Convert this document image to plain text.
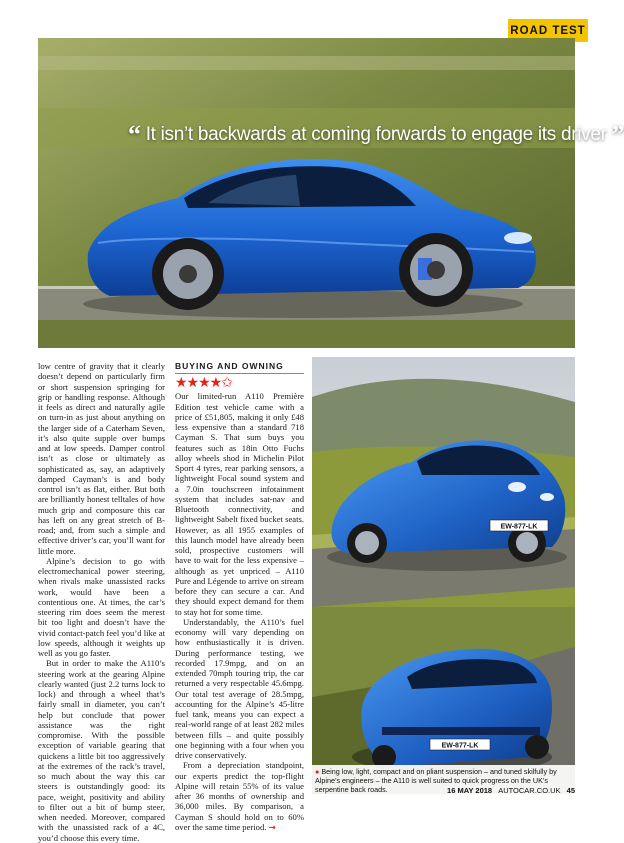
ROAD TEST
“ It isn’t backwards at coming forwards to engage its driver ”

low centre of gravity that it clearly doesn’t depend on particularly firm or short suspension springing for grip or handling response. Although it feels as direct and naturally agile on turn-in as just about anything on the larger side of a Caterham Seven, it’s also quite supple over bumps and at low speeds. Damper control isn’t as close or ultimately as sophisticated as, say, an adaptively damped Cayman’s is and body control isn’t as flat, either. But both are brilliantly honest telltales of how much grip and composure this car has left on any great stretch of B-road; and, from such a simple and effective driver’s car, you’ll want for little more.

Alpine’s decision to go with electromechanical power steering, when rivals make unassisted racks work, would have been a contentious one. At times, the car’s steering rim does seem the merest bit too light and doesn’t have the vivid contact-patch feel you’d like at low speeds, although it weights up well as you go faster.

But in order to make the A110’s steering work at the gearing Alpine clearly wanted (just 2.2 turns lock to lock) and through a wheel that’s fairly small in diameter, you can’t help but conclude that power assistance was the right compromise. With the possible exception of variable gearing that quickens a little bit too aggressively at the extremes of the rack’s travel, so much about the way this car steers is outstandingly good: its pace, weight, positivity and ability to filter out a bit of bump steer, when needed. Moreover, compared with the unassisted rack of a 4C, you’d choose this every time.

BUYING AND OWNING
★★★★✩

Our limited-run A110 Première Edition test vehicle came with a price of £51,805, making it only £48 less expensive than a standard 718 Cayman S. That sum buys you features such as 18in Otto Fuchs alloy wheels shod in Michelin Pilot Sport 4 tyres, rear parking sensors, a lightweight Focal sound system and a 7.0in touchscreen infotainment system that includes sat-nav and Bluetooth connectivity, and lightweight Sabelt fixed bucket seats. However, as all 1955 examples of this launch model have already been sold, prospective customers will have to wait for the less expensive – although as yet unpriced – A110 Pure and Légende to arrive on stream before they can secure a car. And they should expect demand for them to stay hot for some time.

Understandably, the A110’s fuel economy will vary depending on how enthusiastically it is driven. During performance testing, we recorded 17.9mpg, and on an extended 70mph touring trip, the car returned a very respectable 45.6mpg. Our total test average of 28.5mpg, accounting for the Alpine’s 45-litre fuel tank, means you can expect a real-world range of at least 282 miles between fills – and quite possibly one beginning with a four when you drive conservatively.

From a depreciation standpoint, our experts predict the top-flight Alpine will retain 55% of its value after 36 months of ownership and 36,000 miles. By comparison, a Cayman S should hold on to 60% over the same time period. →

EW-877-LK
EW-877-LK
● Being low, light, compact and on pliant suspension – and tuned skilfully by Alpine’s engineers – the A110 is well suited to quick progress on the UK’s serpentine back roads.	16 MAY 2018 AUTOCAR.CO.UK 45
